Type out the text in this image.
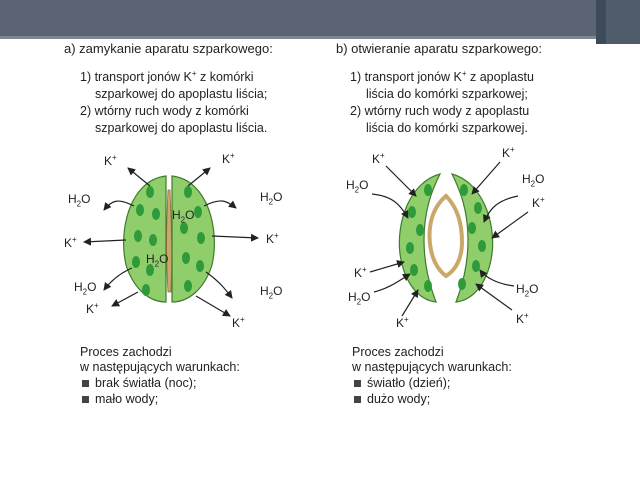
a) zamykanie aparatu szparkowego:
1) transport jonów K+ z komórki
szparkowej do apoplastu liścia;
2) wtórny ruch wody z komórki
szparkowej do apoplastu liścia.
b) otwieranie aparatu szparkowego:
1) transport jonów K+ z apoplastu
liścia do komórki szparkowej;
2) wtórny ruch wody z apoplastu
liścia do komórki szparkowej.
K+	K+
$H_2O$	$H_2O$
$H_2O$
K+	K+
$H_2O$
$H_2O$	$H_2O$
K+
K+
K+	K+
$H_2O$	$H_2O$
K+
K+
$H_2O$
$H_2O$
K+	K+
Proces zachodzi
w następujących warunkach:
brak światła (noc);
mało wody;
Proces zachodzi
w następujących warunkach:
światło (dzień);
dużo wody;
